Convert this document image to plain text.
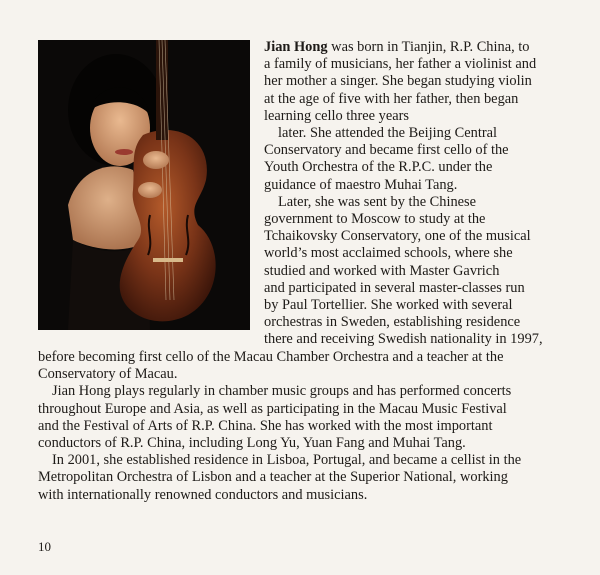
Jian Hong was born in Tianjin, R.P. China, to
a family of musicians, her father a violinist and
her mother a singer. She began studying violin
at the age of five with her father, then began
learning cello three years
later. She attended the Beijing Central
Conservatory and became first cello of the
Youth Orchestra of the R.P.C. under the
guidance of maestro Muhai Tang.
Later, she was sent by the Chinese
government to Moscow to study at the
Tchaikovsky Conservatory, one of the musical
world’s most acclaimed schools, where she
studied and worked with Master Gavrich
and participated in several master-classes run
by Paul Tortellier. She worked with several
orchestras in Sweden, establishing residence
there and receiving Swedish nationality in 1997,
before becoming first cello of the Macau Chamber Orchestra and a teacher at the
Conservatory of Macau.
Jian Hong plays regularly in chamber music groups and has performed concerts
throughout Europe and Asia, as well as participating in the Macau Music Festival
and the Festival of Arts of R.P. China. She has worked with the most important
conductors of R.P. China, including Long Yu, Yuan Fang and Muhai Tang.
In 2001, she established residence in Lisboa, Portugal, and became a cellist in the
Metropolitan Orchestra of Lisbon and a teacher at the Superior National, working
with internationally renowned conductors and musicians.
10
